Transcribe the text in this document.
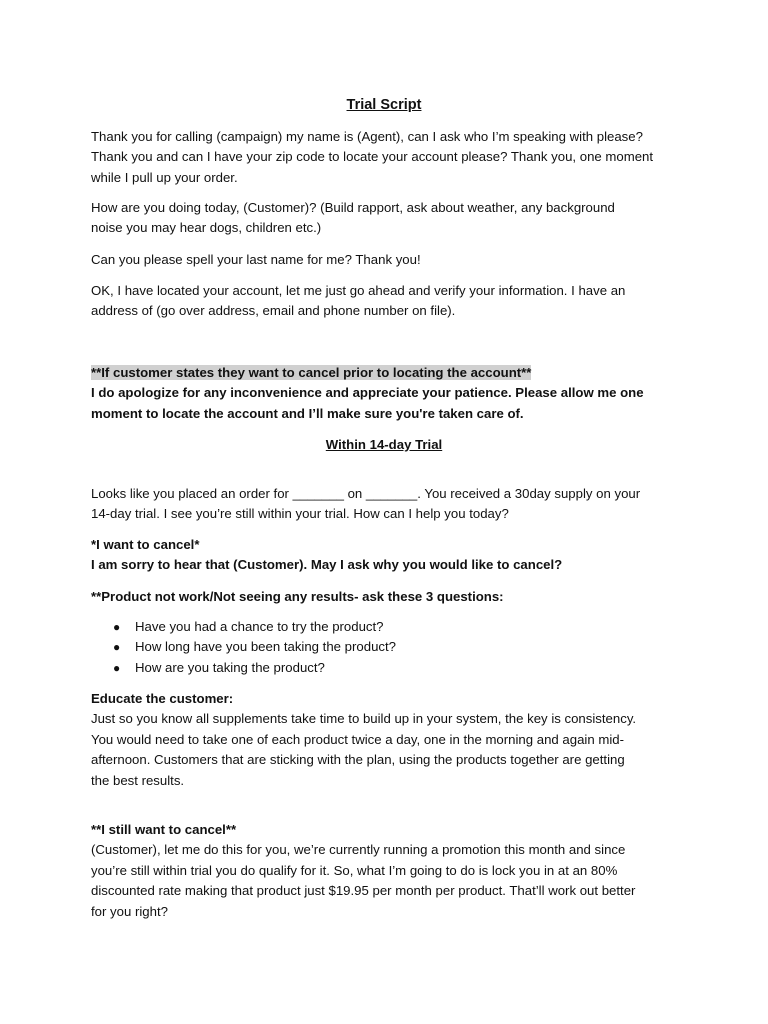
Trial Script
Thank you for calling (campaign) my name is (Agent), can I ask who I’m speaking with please?
Thank you and can I have your zip code to locate your account please? Thank you, one moment
while I pull up your order.
How are you doing today, (Customer)? (Build rapport, ask about weather, any background
noise you may hear dogs, children etc.)
Can you please spell your last name for me? Thank you!
OK, I have located your account, let me just go ahead and verify your information. I have an
address of (go over address, email and phone number on file).
**If customer states they want to cancel prior to locating the account**
I do apologize for any inconvenience and appreciate your patience. Please allow me one
moment to locate the account and I’ll make sure you're taken care of.
Within 14-day Trial
Looks like you placed an order for _______ on _______. You received a 30day supply on your
14-day trial. I see you’re still within your trial. How can I help you today?
*I want to cancel*
I am sorry to hear that (Customer). May I ask why you would like to cancel?
**Product not work/Not seeing any results- ask these 3 questions:
● Have you had a chance to try the product?
● How long have you been taking the product?
● How are you taking the product?
Educate the customer:
Just so you know all supplements take time to build up in your system, the key is consistency.
You would need to take one of each product twice a day, one in the morning and again mid-
afternoon. Customers that are sticking with the plan, using the products together are getting
the best results.
**I still want to cancel**
(Customer), let me do this for you, we’re currently running a promotion this month and since
you’re still within trial you do qualify for it. So, what I’m going to do is lock you in at an 80%
discounted rate making that product just $19.95 per month per product. That’ll work out better
for you right?
